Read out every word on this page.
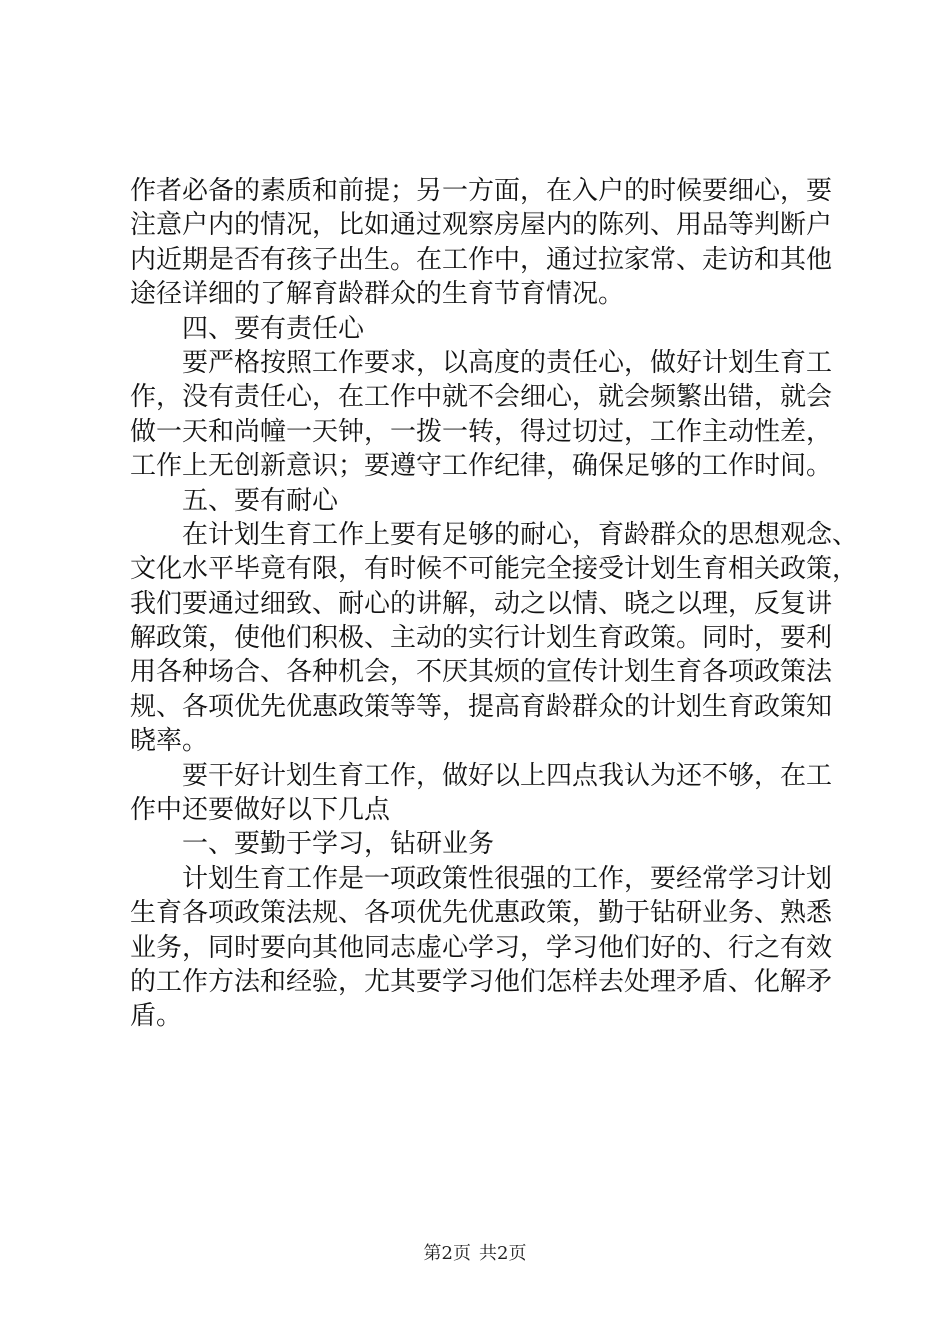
作者必备的素质和前提；另一方面，在入户的时候要细心，要
注意户内的情况，比如通过观察房屋内的陈列、用品等判断户
内近期是否有孩子出生。在工作中，通过拉家常、走访和其他
途径详细的了解育龄群众的生育节育情况。
四、要有责任心
要严格按照工作要求，以高度的责任心，做好计划生育工
作，没有责任心，在工作中就不会细心，就会频繁出错，就会
做一天和尚幢一天钟，一拨一转，得过切过，工作主动性差，
工作上无创新意识；要遵守工作纪律，确保足够的工作时间。
五、要有耐心
在计划生育工作上要有足够的耐心，育龄群众的思想观念、
文化水平毕竟有限，有时候不可能完全接受计划生育相关政策，
我们要通过细致、耐心的讲解，动之以情、晓之以理，反复讲
解政策，使他们积极、主动的实行计划生育政策。同时，要利
用各种场合、各种机会，不厌其烦的宣传计划生育各项政策法
规、各项优先优惠政策等等，提高育龄群众的计划生育政策知
晓率。
要干好计划生育工作，做好以上四点我认为还不够，在工
作中还要做好以下几点
一、要勤于学习，钻研业务
计划生育工作是一项政策性很强的工作，要经常学习计划
生育各项政策法规、各项优先优惠政策，勤于钻研业务、熟悉
业务，同时要向其他同志虚心学习，学习他们好的、行之有效
的工作方法和经验，尤其要学习他们怎样去处理矛盾、化解矛
盾。
第2页 共2页
